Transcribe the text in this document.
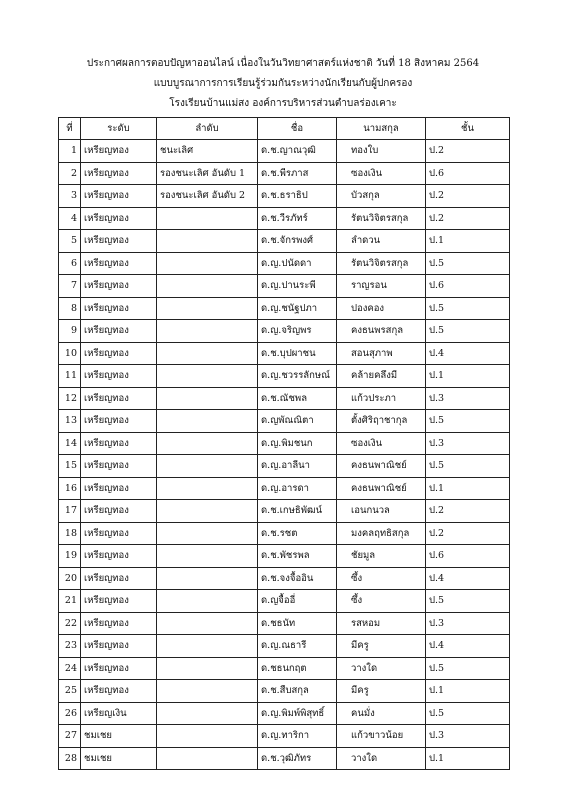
ประกาศผลการตอบปัญหาออนไลน์ เนื่องในวันวิทยาศาสตร์แห่งชาติ วันที่ 18 สิงหาคม 2564
แบบบูรณาการการเรียนรู้ร่วมกันระหว่างนักเรียนกับผู้ปกครอง
โรงเรียนบ้านแม่สง องค์การบริหารส่วนตำบลร่องเคาะ
ที่	ระดับ	ลำดับ	ชื่อ	นามสกุล	ชั้น
1	เหรียญทอง	ชนะเลิศ	ด.ช.ญาณวุฒิ	ทองใบ	ป.2
2	เหรียญทอง	รองชนะเลิศ อันดับ 1	ด.ช.พีรภาส	ซองเงิน	ป.6
3	เหรียญทอง	รองชนะเลิศ อันดับ 2	ด.ช.ธราธิป	บัวสกุล	ป.2
4	เหรียญทอง		ด.ช.วีรภัทร์	รัตนวิจิตรสกุล	ป.2
5	เหรียญทอง		ด.ช.จักรพงศ์	ลำดวน	ป.1
6	เหรียญทอง		ด.ญ.ปนัดดา	รัตนวิจิตรสกุล	ป.5
7	เหรียญทอง		ด.ญ.ปานระพี	ราญรอน	ป.6
8	เหรียญทอง		ด.ญ.ชนัฐปภา	ปองคอง	ป.5
9	เหรียญทอง		ด.ญ.จริญพร	คงธนพรสกุล	ป.5
10	เหรียญทอง		ด.ช.บุปผาชน	สอนสุภาพ	ป.4
11	เหรียญทอง		ด.ญ.ชวรรลักษณ์	คล้ายคลึงมี	ป.1
12	เหรียญทอง		ด.ช.ณัชพล	แก้วประภา	ป.3
13	เหรียญทอง		ด.ญพัณณิตา	ตั้งศิริฤาชากุล	ป.5
14	เหรียญทอง		ด.ญ.พิมชนก	ซองเงิน	ป.3
15	เหรียญทอง		ด.ญ.อาลีนา	คงธนพาณิชย์	ป.5
16	เหรียญทอง		ด.ญ.อารดา	คงธนพาณิชย์	ป.1
17	เหรียญทอง		ด.ช.เกษธิพัฒน์	เอนกนวล	ป.2
18	เหรียญทอง		ด.ช.รชต	มงคลฤทธิสกุล	ป.2
19	เหรียญทอง		ด.ช.พัชรพล	ชัยมูล	ป.6
20	เหรียญทอง		ด.ช.จงจื้ออิน	ซึ้ง	ป.4
21	เหรียญทอง		ด.ญจื้ออี่	ซึ้ง	ป.5
22	เหรียญทอง		ด.ชธนัท	รสหอม	ป.3
23	เหรียญทอง		ด.ญ.ณธารี	มีครู	ป.4
24	เหรียญทอง		ด.ชธนกฤต	วางใด	ป.5
25	เหรียญทอง		ด.ช.สืบสกุล	มีครู	ป.1
26	เหรียญเงิน		ด.ญ.พิมพ์พิสุทธิ์	คนมั่ง	ป.5
27	ชมเชย		ด.ญ.ทาริกา	แก้วขาวน้อย	ป.3
28	ชมเชย		ด.ช.วุฒิภัทร	วางใด	ป.1
